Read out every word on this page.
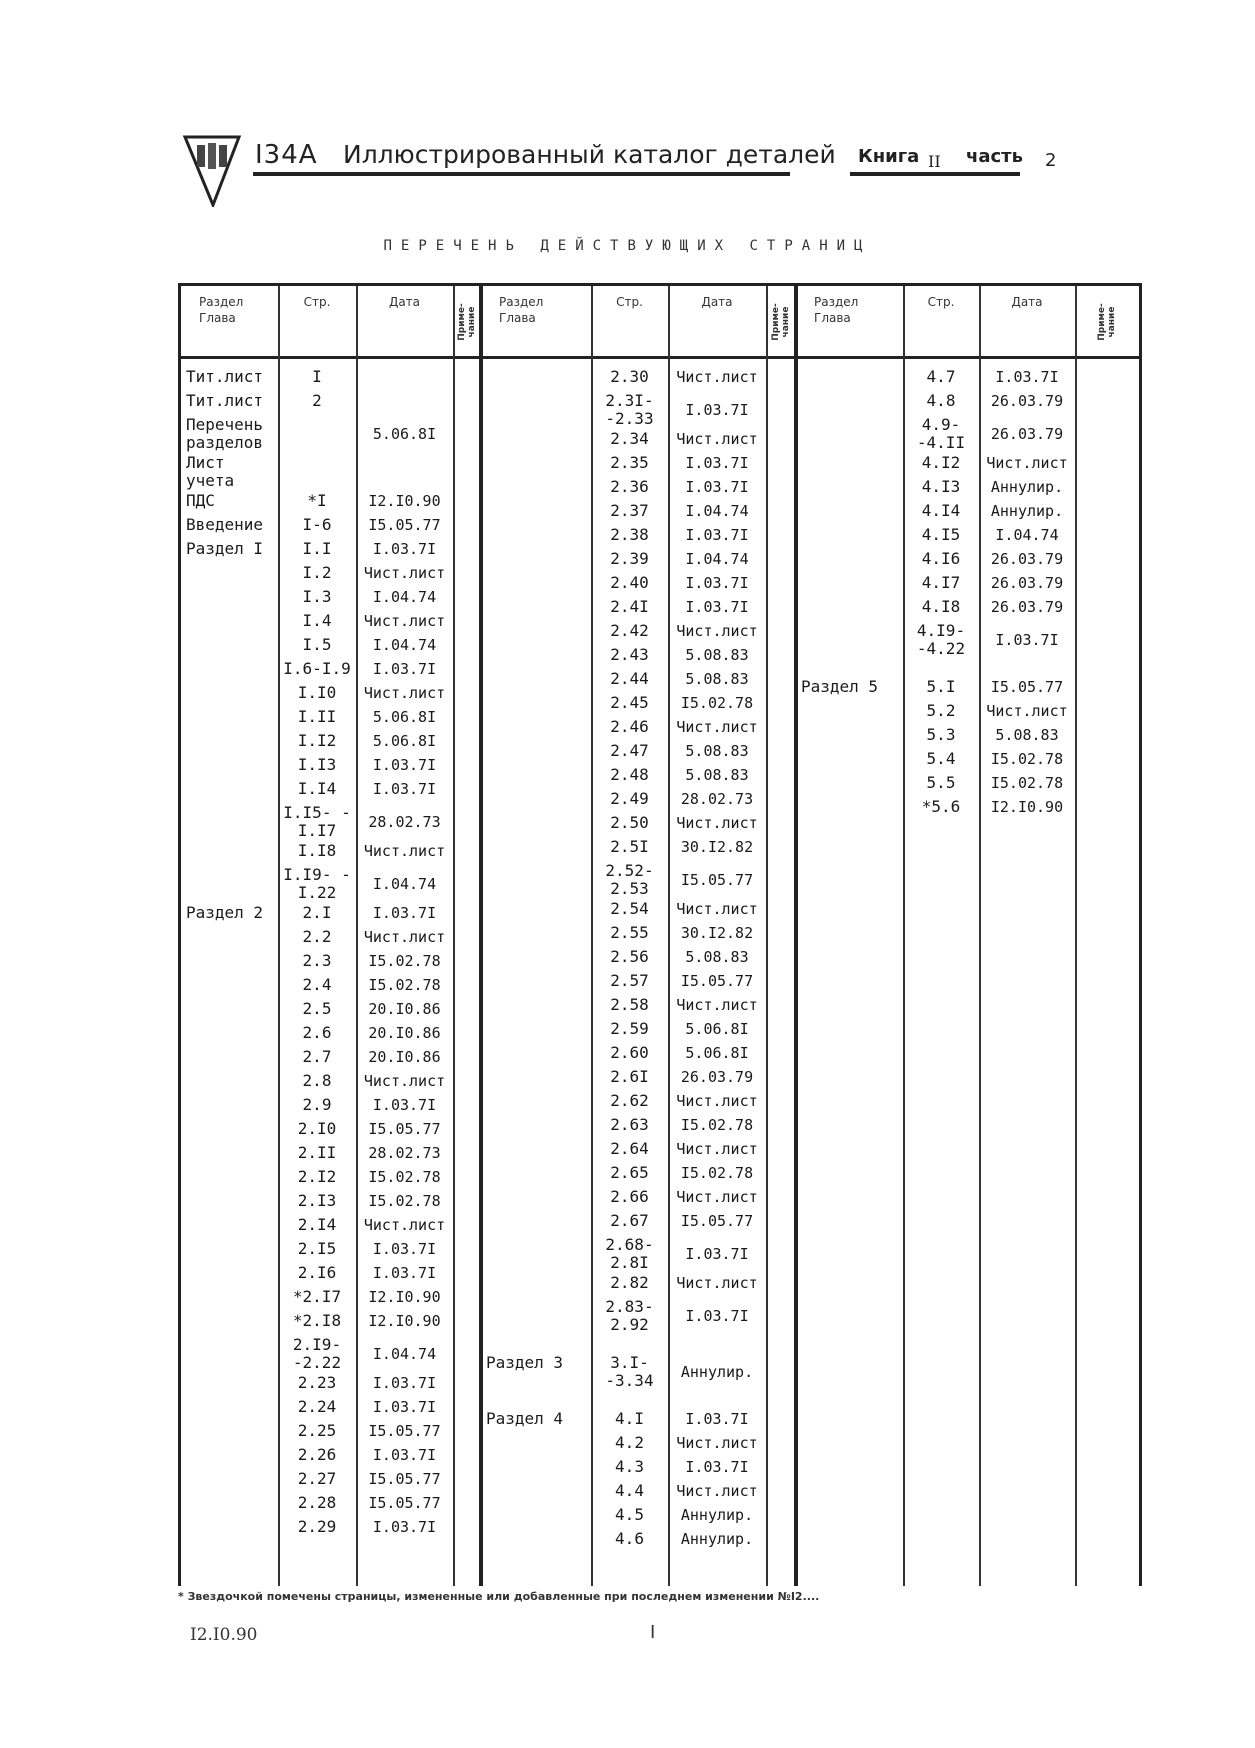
I34A Иллюстрированный каталог деталей Книга II часть 2
ПЕРЕЧЕНЬ ДЕЙСТВУЮЩИХ СТРАНИЦ
Раздел
Глава
Стр.	Дата
Приме- чание
Тит.лист	I
Тит.лист	2
Перечень разделов	5.06.8I
Лист учета
ПДС	*I	I2.I0.90
Введение	I-6	I5.05.77
Раздел I	I.I	I.03.7I
I.2	Чист.лист
I.3	I.04.74
I.4	Чист.лист
I.5	I.04.74
I.6-I.9	I.03.7I
I.I0	Чист.лист
I.II	5.06.8I
I.I2	5.06.8I
I.I3	I.03.7I
I.I4	I.03.7I
I.I5- -I.I7	28.02.73
I.I8	Чист.лист
I.I9- -I.22	I.04.74
Раздел 2	2.I	I.03.7I
2.2	Чист.лист
2.3	I5.02.78
2.4	I5.02.78
2.5	20.I0.86
2.6	20.I0.86
2.7	20.I0.86
2.8	Чист.лист
2.9	I.03.7I
2.I0	I5.05.77
2.II	28.02.73
2.I2	I5.02.78
2.I3	I5.02.78
2.I4	Чист.лист
2.I5	I.03.7I
2.I6	I.03.7I
*2.I7	I2.I0.90
*2.I8	I2.I0.90
2.I9- -2.22	I.04.74
2.23	I.03.7I
2.24	I.03.7I
2.25	I5.05.77
2.26	I.03.7I
2.27	I5.05.77
2.28	I5.05.77
2.29	I.03.7I
Раздел
Глава
Стр.	Дата
Приме- чание
2.30	Чист.лист
2.3I- -2.33	I.03.7I
2.34	Чист.лист
2.35	I.03.7I
2.36	I.03.7I
2.37	I.04.74
2.38	I.03.7I
2.39	I.04.74
2.40	I.03.7I
2.4I	I.03.7I
2.42	Чист.лист
2.43	5.08.83
2.44	5.08.83
2.45	I5.02.78
2.46	Чист.лист
2.47	5.08.83
2.48	5.08.83
2.49	28.02.73
2.50	Чист.лист
2.5I	30.I2.82
2.52- 2.53	I5.05.77
2.54	Чист.лист
2.55	30.I2.82
2.56	5.08.83
2.57	I5.05.77
2.58	Чист.лист
2.59	5.06.8I
2.60	5.06.8I
2.6I	26.03.79
2.62	Чист.лист
2.63	I5.02.78
2.64	Чист.лист
2.65	I5.02.78
2.66	Чист.лист
2.67	I5.05.77
2.68- 2.8I	I.03.7I
2.82	Чист.лист
2.83- 2.92	I.03.7I
Раздел 3	3.I- -3.34	Аннулир.
Раздел 4	4.I	I.03.7I
4.2	Чист.лист
4.3	I.03.7I
4.4	Чист.лист
4.5	Аннулир.
4.6	Аннулир.
Раздел
Глава
Стр.	Дата
Приме- чание
4.7	I.03.7I
4.8	26.03.79
4.9- -4.II	26.03.79
4.I2	Чист.лист
4.I3	Аннулир.
4.I4	Аннулир.
4.I5	I.04.74
4.I6	26.03.79
4.I7	26.03.79
4.I8	26.03.79
4.I9- -4.22	I.03.7I
Раздел 5	5.I	I5.05.77
5.2	Чист.лист
5.3	5.08.83
5.4	I5.02.78
5.5	I5.02.78
*5.6	I2.I0.90
* Звездочкой помечены страницы, измененные или добавленные при последнем изменении №I2....
I2.I0.90	I
